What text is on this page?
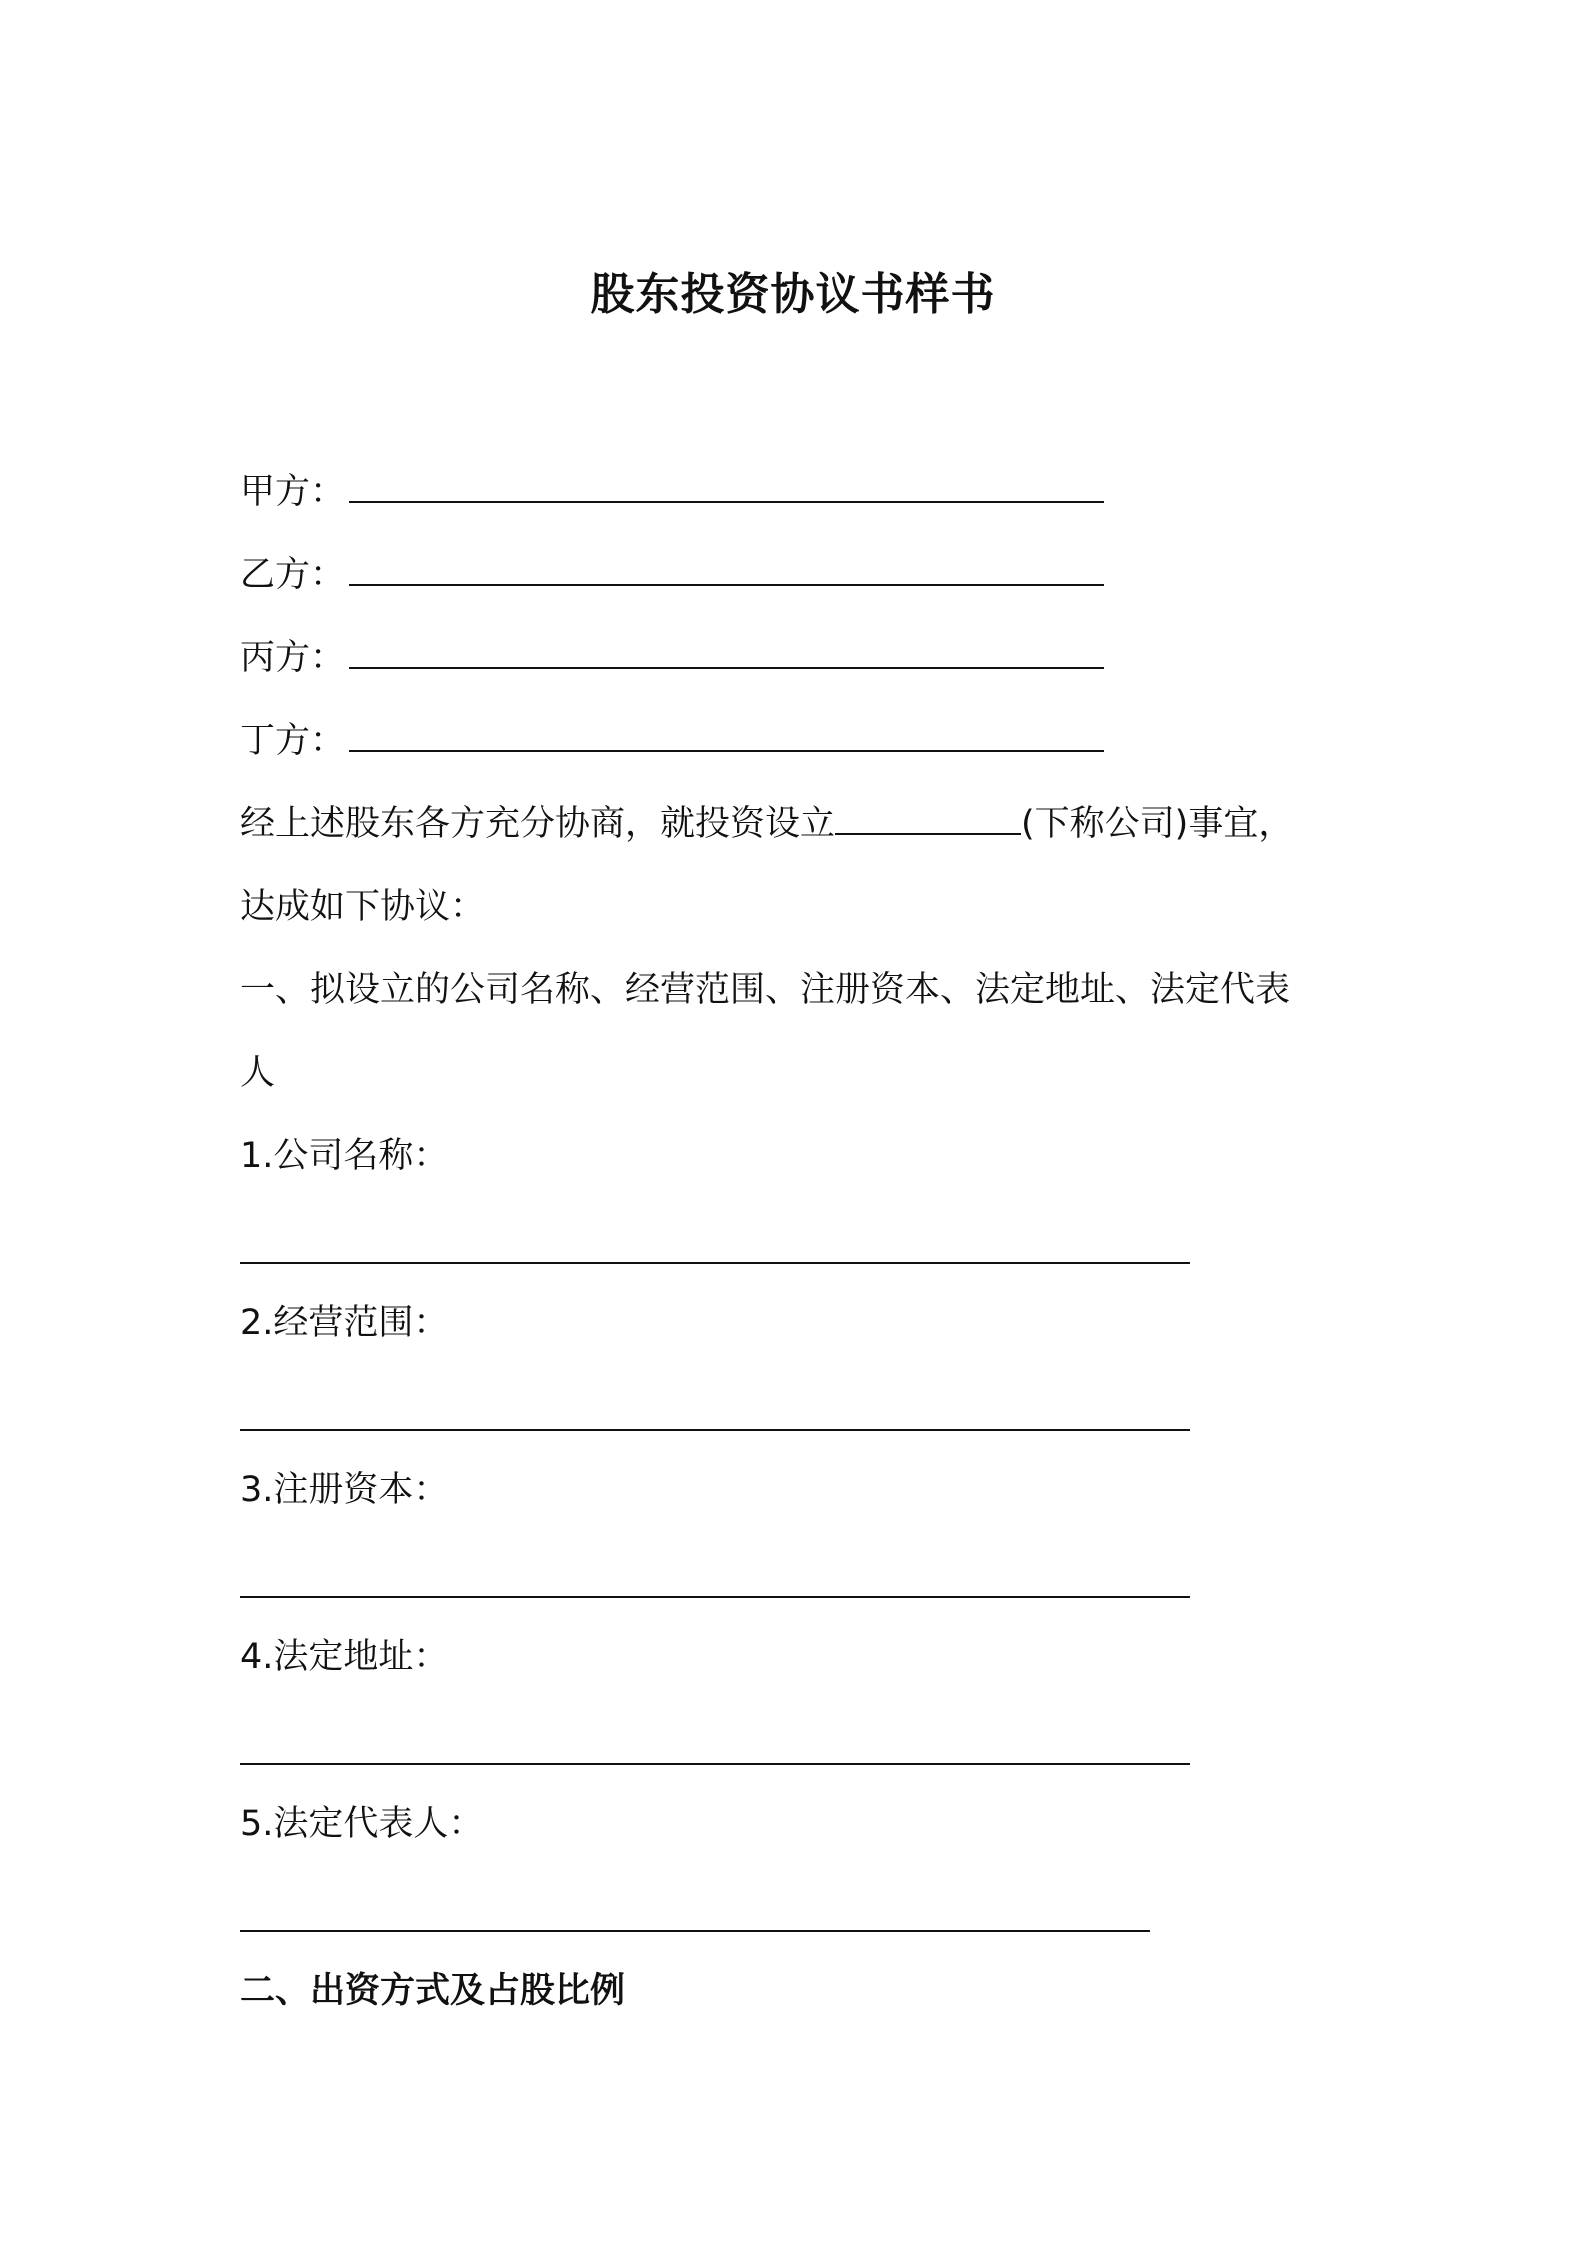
股东投资协议书样书
甲方：
乙方：
丙方：
丁方：
经上述股东各方充分协商，就投资设立	(下称公司)事宜，
达成如下协议：
一、拟设立的公司名称、经营范围、注册资本、法定地址、法定代表
人
1.公司名称：
2.经营范围：
3.注册资本：
4.法定地址：
5.法定代表人：
二、出资方式及占股比例
